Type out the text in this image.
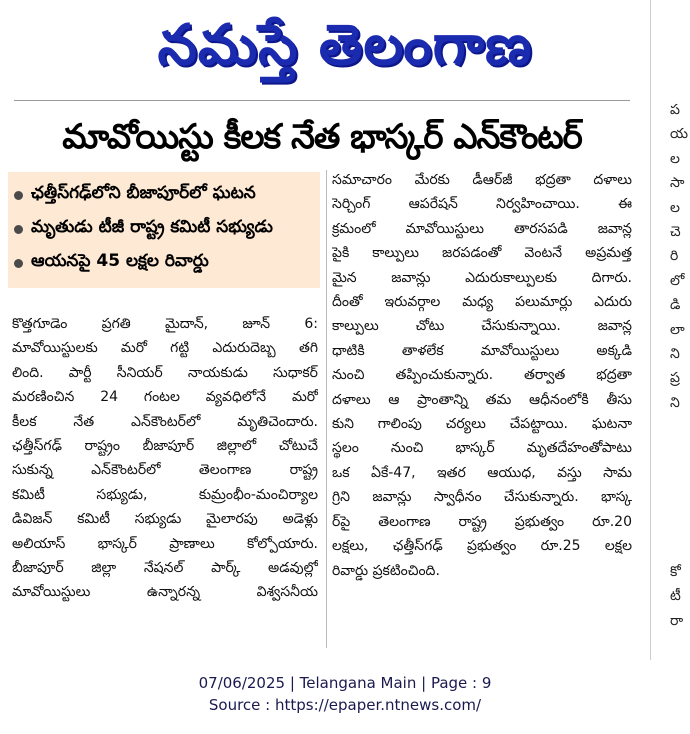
నమస్తే తెలంగాణ
మావోయిస్టు కీలక నేత భాస్కర్ ఎన్‌కౌంటర్
ఛత్తీస్‌గఢ్‌లోని బీజాపూర్‌లో ఘటన
మృతుడు టీజీ రాష్ట్ర కమిటీ సభ్యుడు
ఆయనపై 45 లక్షల రివార్డు
కొత్తగూడెం ప్రగతి మైదాన్, జూన్ 6:
మావోయిస్టులకు మరో గట్టి ఎదురుదెబ్బ తగి
లింది. పార్టీ సీనియర్ నాయకుడు సుధాకర్
మరణించిన 24 గంటల వ్యవధిలోనే మరో
కీలక నేత ఎన్‌కౌంటర్‌లో మృతిచెందారు.
ఛత్తీస్‌గఢ్ రాష్ట్రం బీజాపూర్ జిల్లాలో చోటుచే
సుకున్న ఎన్‌కౌంటర్‌లో తెలంగాణ రాష్ట్ర
కమిటీ సభ్యుడు, కుమ్రంభీం-మంచిర్యాల
డివిజన్ కమిటీ సభ్యుడు మైలారపు అడెళ్లు
అలియాస్ భాస్కర్ ప్రాణాలు కోల్పోయారు.
బీజాపూర్ జిల్లా నేషనల్ పార్క్ అడవుల్లో
మావోయిస్టులు ఉన్నారన్న విశ్వసనీయ
సమాచారం మేరకు డీఆర్‌జీ భద్రతా దళాలు
సెర్చింగ్ ఆపరేషన్ నిర్వహించాయి. ఈ
క్రమంలో మావోయిస్టులు తారసపడి జవాన్ల
పైకి కాల్పులు జరపడంతో వెంటనే అప్రమత్త
మైన జవాన్లు ఎదురుకాల్పులకు దిగారు.
దీంతో ఇరువర్గాల మధ్య పలుమార్లు ఎదురు
కాల్పులు చోటు చేసుకున్నాయి. జవాన్ల
ధాటికి తాళలేక మావోయిస్టులు అక్కడి
నుంచి తప్పించుకున్నారు. తర్వాత భద్రతా
దళాలు ఆ ప్రాంతాన్ని తమ ఆధీనంలోకి తీసు
కుని గాలింపు చర్యలు చేపట్టాయి. ఘటనా
స్థలం నుంచి భాస్కర్ మృతదేహంతోపాటు
ఒక ఏకే-47, ఇతర ఆయుధ, వస్తు సామ
గ్రిని జవాన్లు స్వాధీనం చేసుకున్నారు. భాస్క
ర్‌పై తెలంగాణ రాష్ట్ర ప్రభుత్వం రూ.20
లక్షలు, ఛత్తీస్‌గఢ్ ప్రభుత్వం రూ.25 లక్షల
రివార్డు ప్రకటించింది.
ప
య
ల
సా
ల
చె
రి
లో
డి
లా
ని
ప్ర
ని
కో
టీ
రా
07/06/2025 | Telangana Main | Page : 9
Source : https://epaper.ntnews.com/
